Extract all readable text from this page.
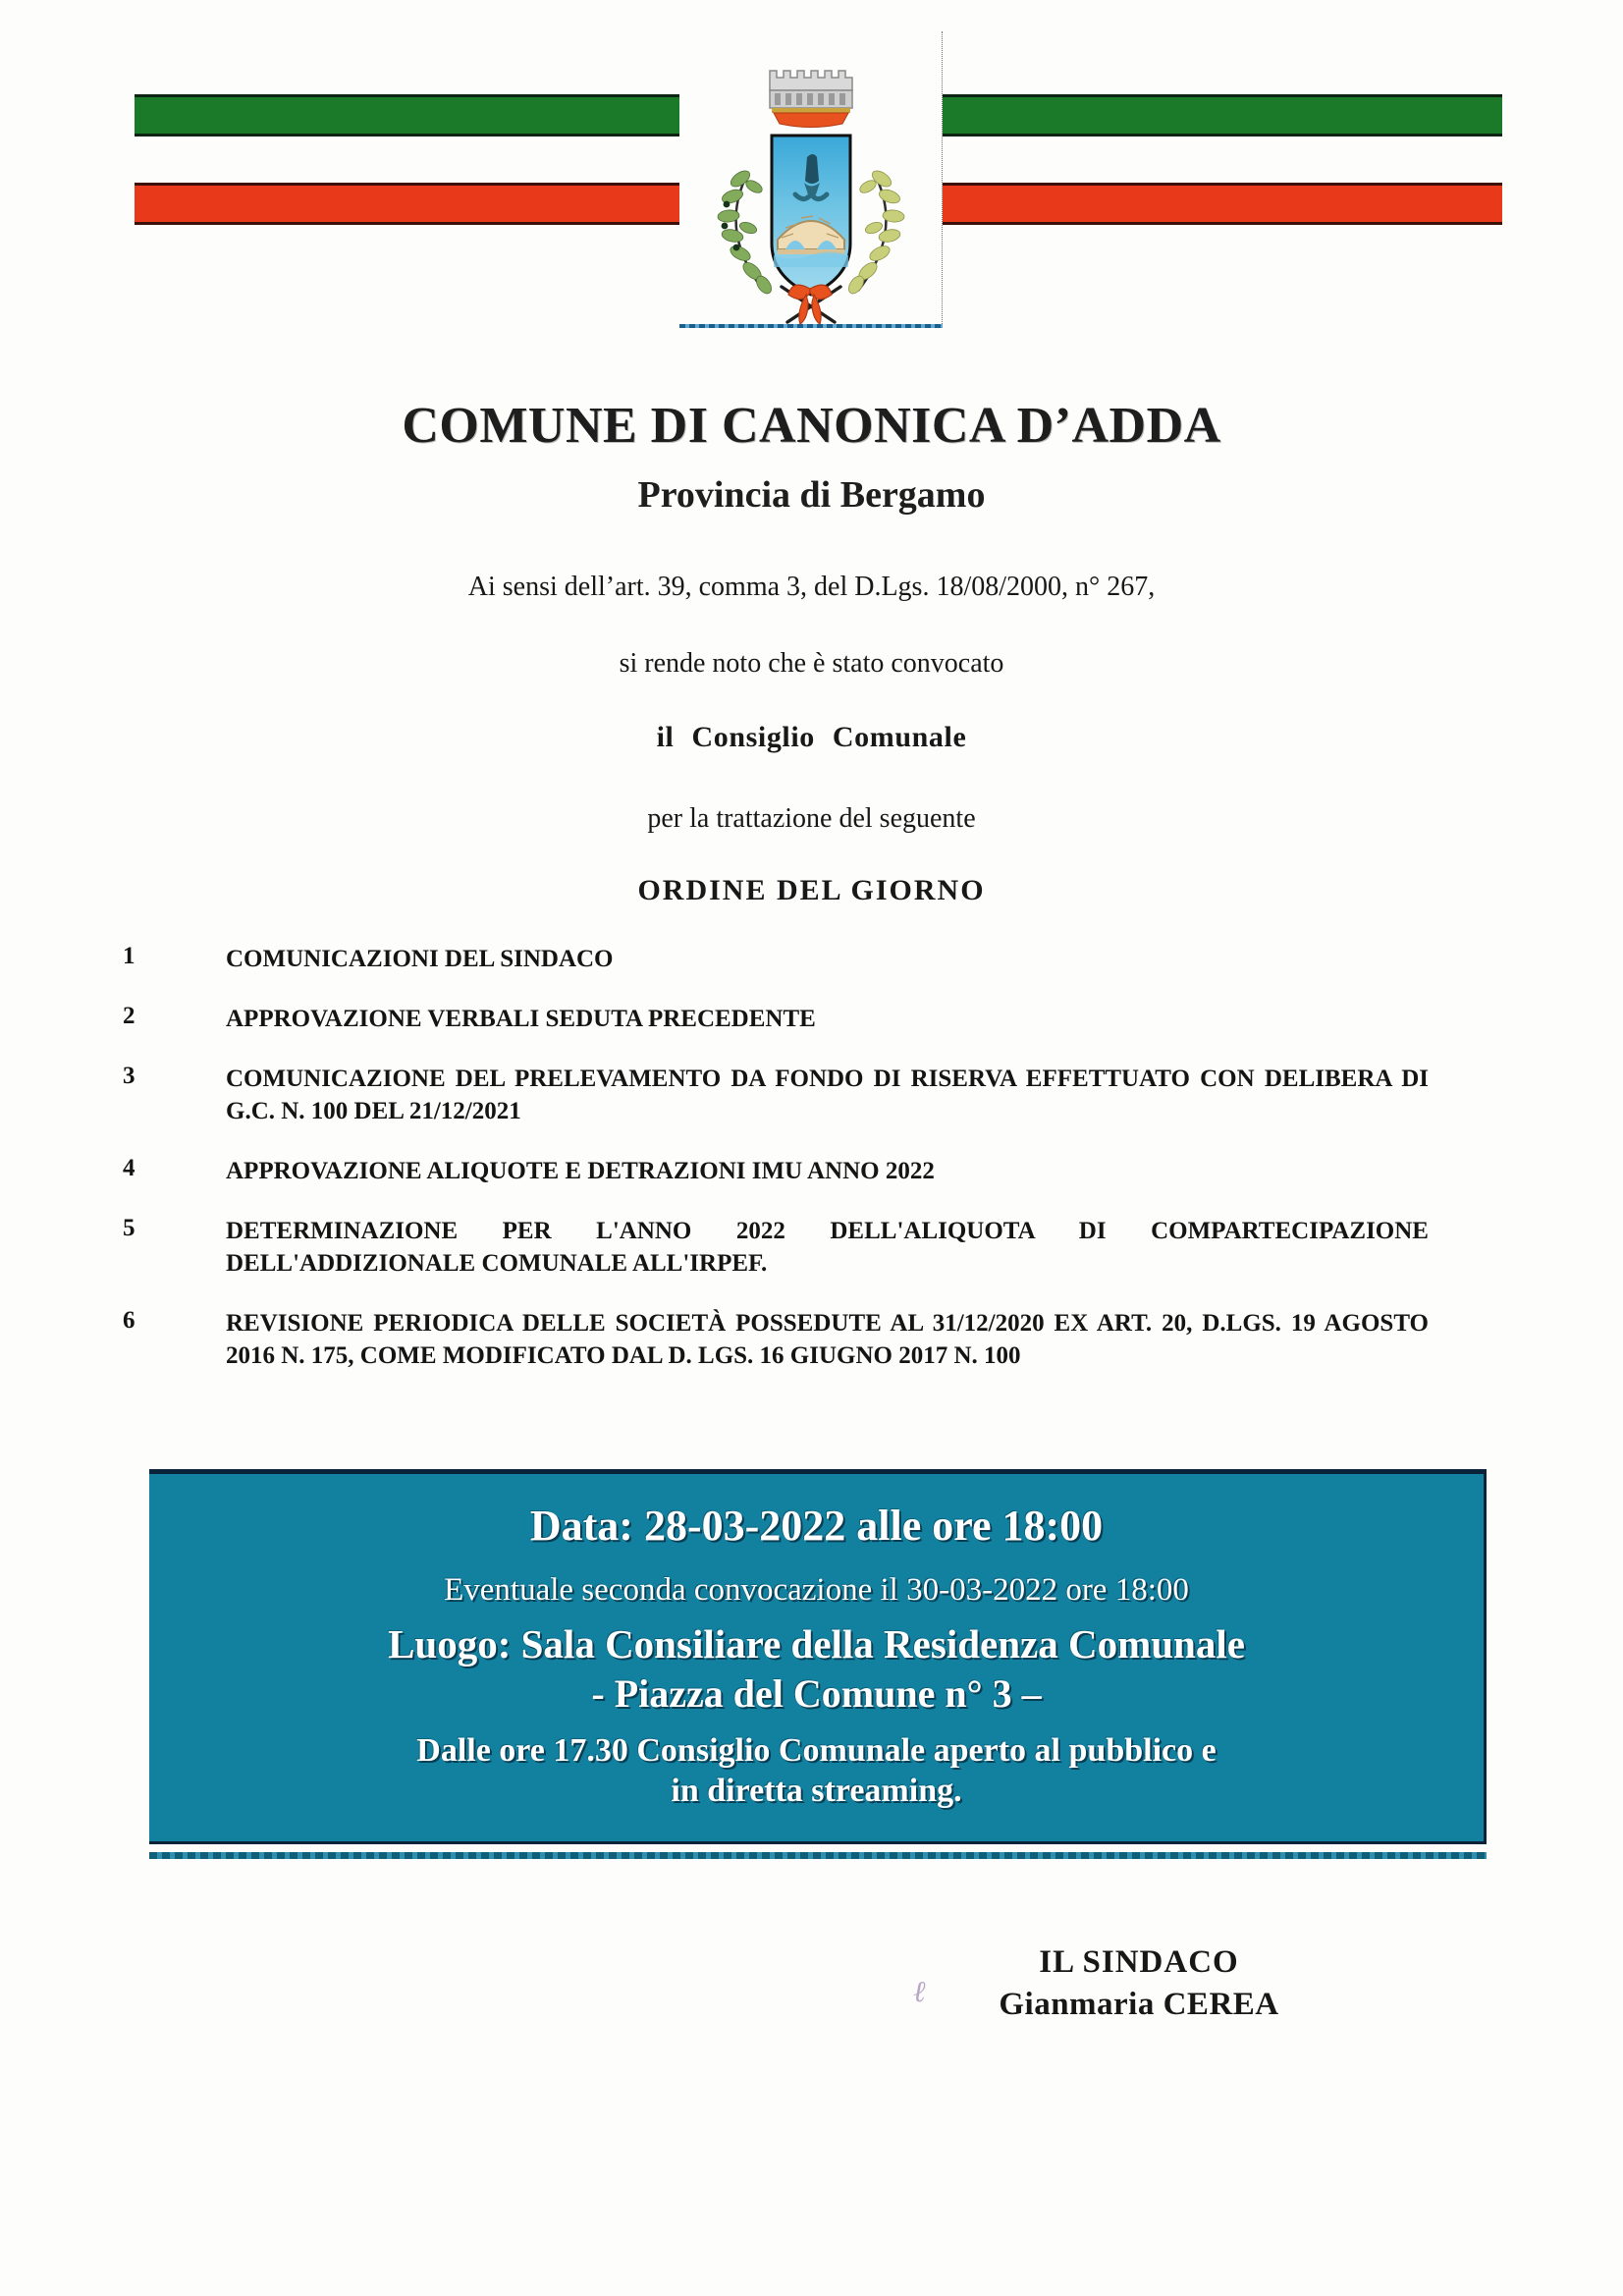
COMUNE DI CANONICA D’ADDA
Provincia di Bergamo
Ai sensi dell’art. 39, comma 3, del D.Lgs. 18/08/2000, n° 267,
si rende noto che è stato convocato
il Consiglio Comunale
per la trattazione del seguente
ORDINE DEL GIORNO
1	COMUNICAZIONI DEL SINDACO
2	APPROVAZIONE VERBALI SEDUTA PRECEDENTE
3	COMUNICAZIONE DEL PRELEVAMENTO DA FONDO DI RISERVA EFFETTUATO CON DELIBERA DI G.C. N. 100 DEL 21/12/2021
4	APPROVAZIONE ALIQUOTE E DETRAZIONI IMU ANNO 2022
5	DETERMINAZIONE PER L'ANNO 2022 DELL'ALIQUOTA DI COMPARTECIPAZIONE DELL'ADDIZIONALE COMUNALE ALL'IRPEF.
6	REVISIONE PERIODICA DELLE SOCIETÀ POSSEDUTE AL 31/12/2020 EX ART. 20, D.LGS. 19 AGOSTO 2016 N. 175, COME MODIFICATO DAL D. LGS. 16 GIUGNO 2017 N. 100
Data: 28-03-2022 alle ore 18:00
Eventuale seconda convocazione il 30-03-2022 ore 18:00
Luogo: Sala Consiliare della Residenza Comunale
- Piazza del Comune n° 3 –
Dalle ore 17.30 Consiglio Comunale aperto al pubblico e
in diretta streaming.
ℓ
IL SINDACO
Gianmaria CEREA
